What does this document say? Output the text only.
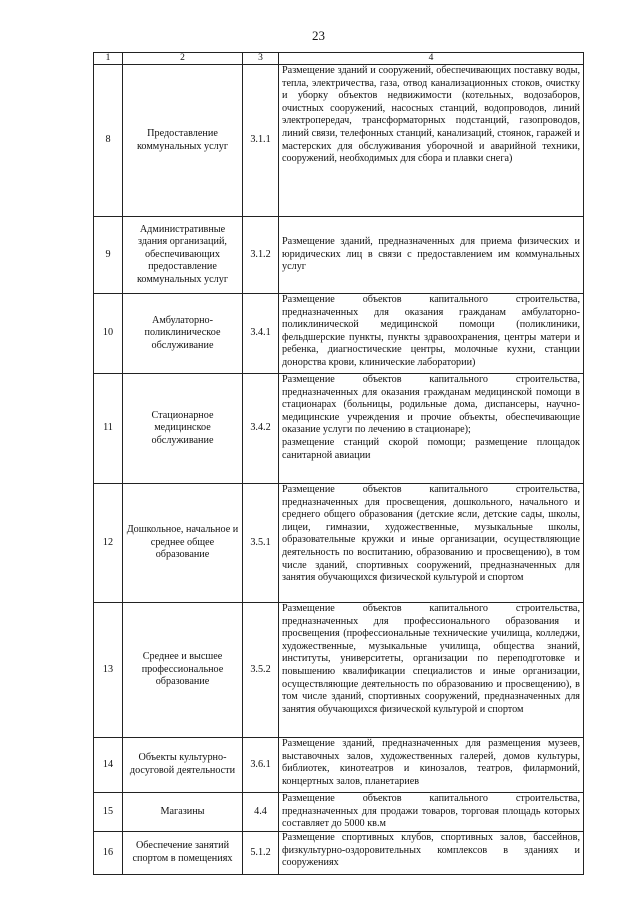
23
1	2	3	4
8	Предоставление коммунальных услуг	3.1.1	Размещение зданий и сооружений, обеспечивающих поставку воды, тепла, электричества, газа, отвод канализационных стоков, очистку и уборку объектов недвижимости (котельных, водозаборов, очистных сооружений, насосных станций, водопроводов, линий электропередач, трансформаторных подстанций, газопроводов, линий связи, телефонных станций, канализаций, стоянок, гаражей и мастерских для обслуживания уборочной и аварийной техники, сооружений, необходимых для сбора и плавки снега)

9	Административные здания организаций, обеспечивающих предоставление коммунальных услуг	3.1.2	Размещение зданий, предназначенных для приема физических и юридических лиц в связи с предоставлением им коммунальных услуг

10	Амбулаторно-поликлиническое обслуживание	3.4.1	Размещение объектов капитального строительства, предназначенных для оказания гражданам амбулаторно-поликлинической медицинской помощи (поликлиники, фельдшерские пункты, пункты здравоохранения, центры матери и ребенка, диагностические центры, молочные кухни, станции донорства крови, клинические лаборатории)

11	Стационарное медицинское обслуживание	3.4.2	Размещение объектов капитального строительства, предназначенных для оказания гражданам медицинской помощи в стационарах (больницы, родильные дома, диспансеры, научно-медицинские учреждения и прочие объекты, обеспечивающие оказание услуги по лечению в стационаре);
размещение станций скорой помощи; размещение площадок санитарной авиации

12	Дошкольное, начальное и среднее общее образование	3.5.1	Размещение объектов капитального строительства, предназначенных для просвещения, дошкольного, начального и среднего общего образования (детские ясли, детские сады, школы, лицеи, гимназии, художественные, музыкальные школы, образовательные кружки и иные организации, осуществляющие деятельность по воспитанию, образованию и просвещению), в том числе зданий, спортивных сооружений, предназначенных для занятия обучающихся физической культурой и спортом

13	Среднее и высшее профессиональное образование	3.5.2	Размещение объектов капитального строительства, предназначенных для профессионального образования и просвещения (профессиональные технические училища, колледжи, художественные, музыкальные училища, общества знаний, институты, университеты, организации по переподготовке и повышению квалификации специалистов и иные организации, осуществляющие деятельность по образованию и просвещению), в том числе зданий, спортивных сооружений, предназначенных для занятия обучающихся физической культурой и спортом

14	Объекты культурно-досуговой деятельности	3.6.1	Размещение зданий, предназначенных для размещения музеев, выставочных залов, художественных галерей, домов культуры, библиотек, кинотеатров и кинозалов, театров, филармоний, концертных залов, планетариев

15	Магазины	4.4	Размещение объектов капитального строительства, предназначенных для продажи товаров, торговая площадь которых составляет до 5000 кв.м

16	Обеспечение занятий спортом в помещениях	5.1.2	Размещение спортивных клубов, спортивных залов, бассейнов, физкультурно-оздоровительных комплексов в зданиях и сооружениях
